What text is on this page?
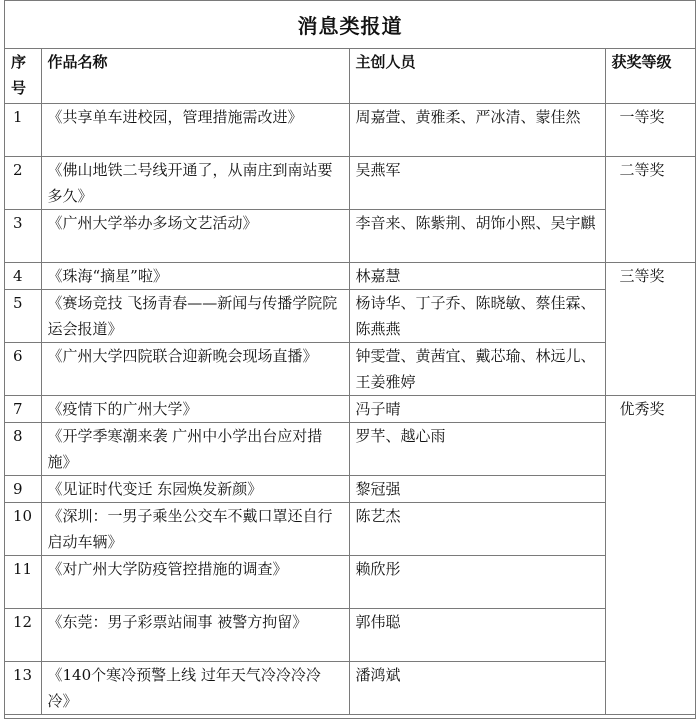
消息类报道
序号	作品名称	主创人员	获奖等级
1	《共享单车进校园，管理措施需改进》	周嘉萱、黄雅柔、严冰清、蒙佳然	一等奖
2	《佛山地铁二号线开通了，从南庄到南站要多久》	吴燕军	二等奖
3	《广州大学举办多场文艺活动》	李音来、陈紫荆、胡饰小熙、吴宇麒	
4	《珠海“摘星”啦》	林嘉慧	三等奖
5	《赛场竞技 飞扬青春——新闻与传播学院院运会报道》	杨诗华、丁子乔、陈晓敏、蔡佳霖、陈燕燕	
6	《广州大学四院联合迎新晚会现场直播》	钟雯萱、黄茜宜、戴芯瑜、林远儿、王姜雅婷	
7	《疫情下的广州大学》	冯子晴	优秀奖
8	《开学季寒潮来袭 广州中小学出台应对措施》	罗芊、越心雨	
9	《见证时代变迁 东园焕发新颜》	黎冠强	
10	《深圳：一男子乘坐公交车不戴口罩还自行启动车辆》	陈艺杰	
11	《对广州大学防疫管控措施的调查》	赖欣彤	
12	《东莞：男子彩票站闹事 被警方拘留》	郭伟聪	
13	《140个寒冷预警上线 过年天气冷冷冷冷冷》	潘鸿斌	
